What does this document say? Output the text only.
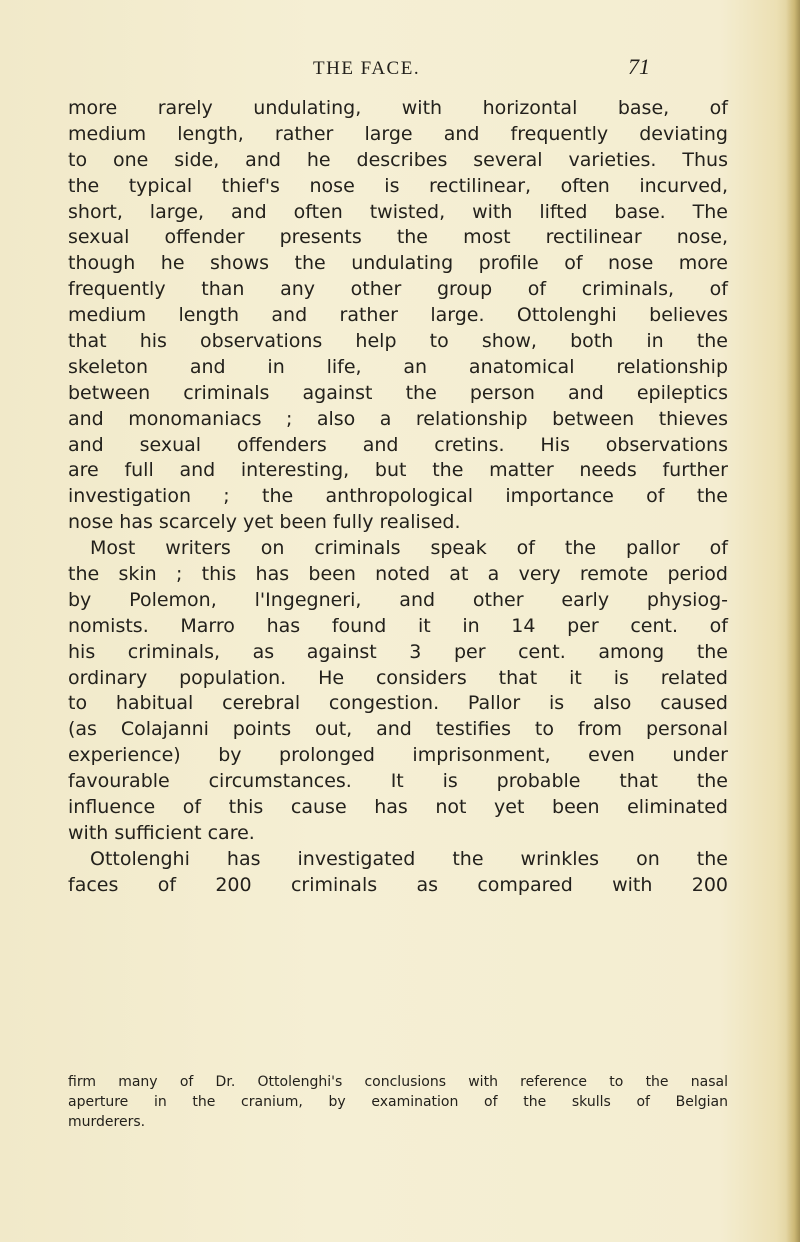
THE FACE.	71
more rarely undulating, with horizontal base, of
medium length, rather large and frequently deviating
to one side, and he describes several varieties. Thus
the typical thief's nose is rectilinear, often incurved,
short, large, and often twisted, with lifted base. The
sexual offender presents the most rectilinear nose,
though he shows the undulating profile of nose more
frequently than any other group of criminals, of
medium length and rather large. Ottolenghi believes
that his observations help to show, both in the
skeleton and in life, an anatomical relationship
between criminals against the person and epileptics
and monomaniacs ; also a relationship between thieves
and sexual offenders and cretins. His observations
are full and interesting, but the matter needs further
investigation ; the anthropological importance of the
nose has scarcely yet been fully realised.
Most writers on criminals speak of the pallor of
the skin ; this has been noted at a very remote period
by Polemon, l'Ingegneri, and other early physiog-
nomists. Marro has found it in 14 per cent. of
his criminals, as against 3 per cent. among the
ordinary population. He considers that it is related
to habitual cerebral congestion. Pallor is also caused
(as Colajanni points out, and testifies to from personal
experience) by prolonged imprisonment, even under
favourable circumstances. It is probable that the
influence of this cause has not yet been eliminated
with sufficient care.
Ottolenghi has investigated the wrinkles on the
faces of 200 criminals as compared with 200
firm many of Dr. Ottolenghi's conclusions with reference to the nasal
aperture in the cranium, by examination of the skulls of Belgian
murderers.
